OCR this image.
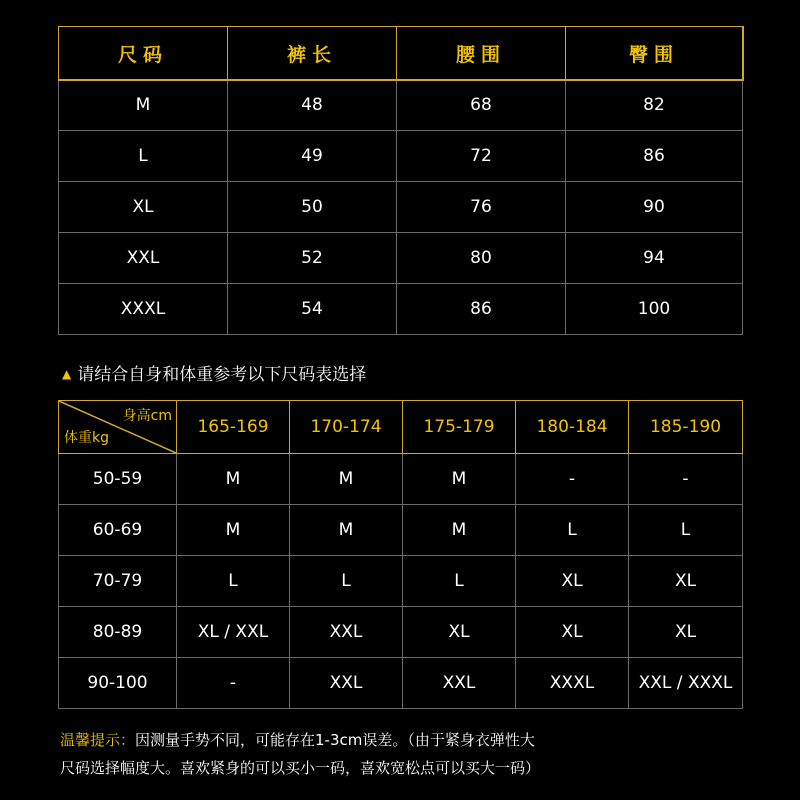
尺码	裤长	腰围	臀围
M	48	68	82
L	49	72	86
XL	50	76	90
XXL	52	80	94
XXXL	54	86	100
▲ 请结合自身和体重参考以下尺码表选择
身高cm
体重kg	165-169	170-174	175-179	180-184	185-190
50-59	M	M	M	-	-
60-69	M	M	M	L	L
70-79	L	L	L	XL	XL
80-89	XL / XXL	XXL	XL	XL	XL
90-100	-	XXL	XXL	XXXL	XXL / XXXL
温馨提示：因测量手势不同，可能存在1-3cm误差。（由于紧身衣弹性大
尺码选择幅度大。喜欢紧身的可以买小一码，喜欢宽松点可以买大一码）
